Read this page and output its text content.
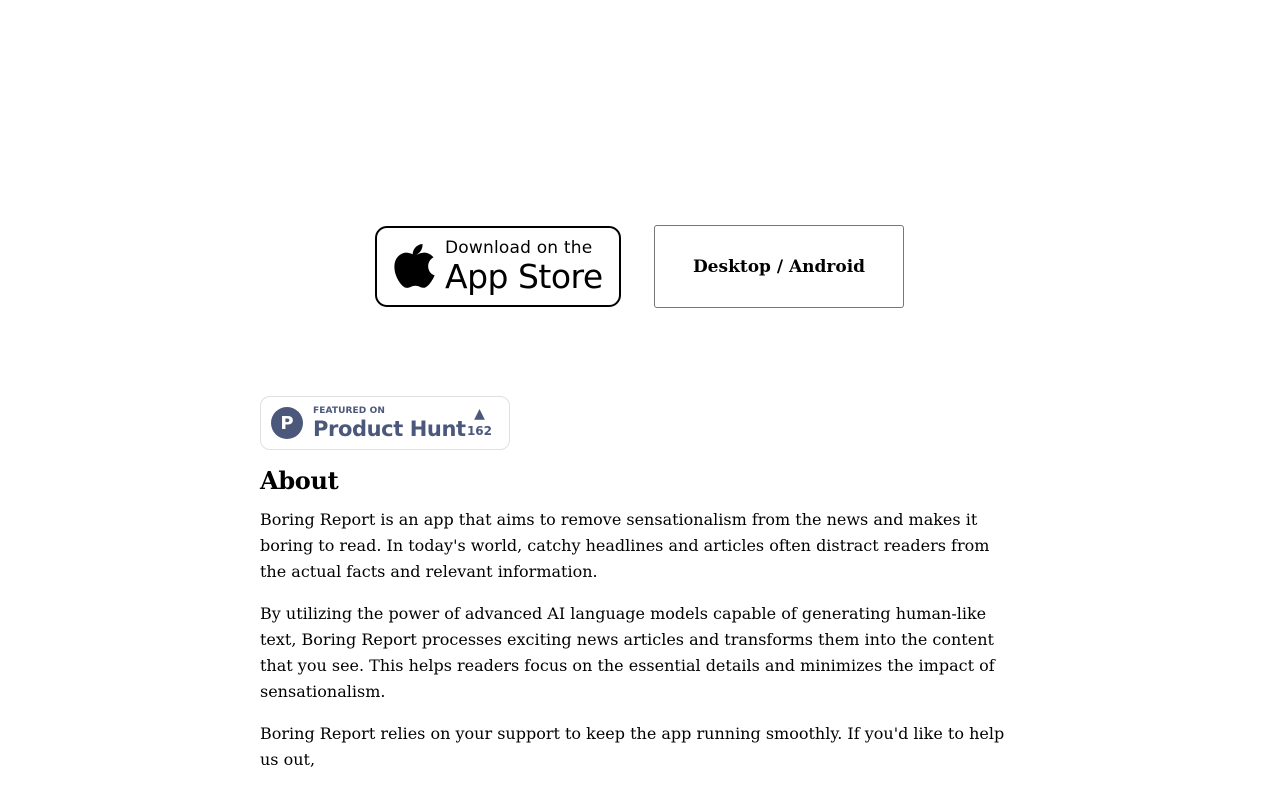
Download on the
App Store	Desktop / Android
P
FEATURED ON
Product Hunt
▲
162
About

Boring Report is an app that aims to remove sensationalism from the news and makes it boring to read. In today's world, catchy headlines and articles often distract readers from the actual facts and relevant information.

By utilizing the power of advanced AI language models capable of generating human-like text, Boring Report processes exciting news articles and transforms them into the content that you see. This helps readers focus on the essential details and minimizes the impact of sensationalism.

Boring Report relies on your support to keep the app running smoothly. If you'd like to help us out,
